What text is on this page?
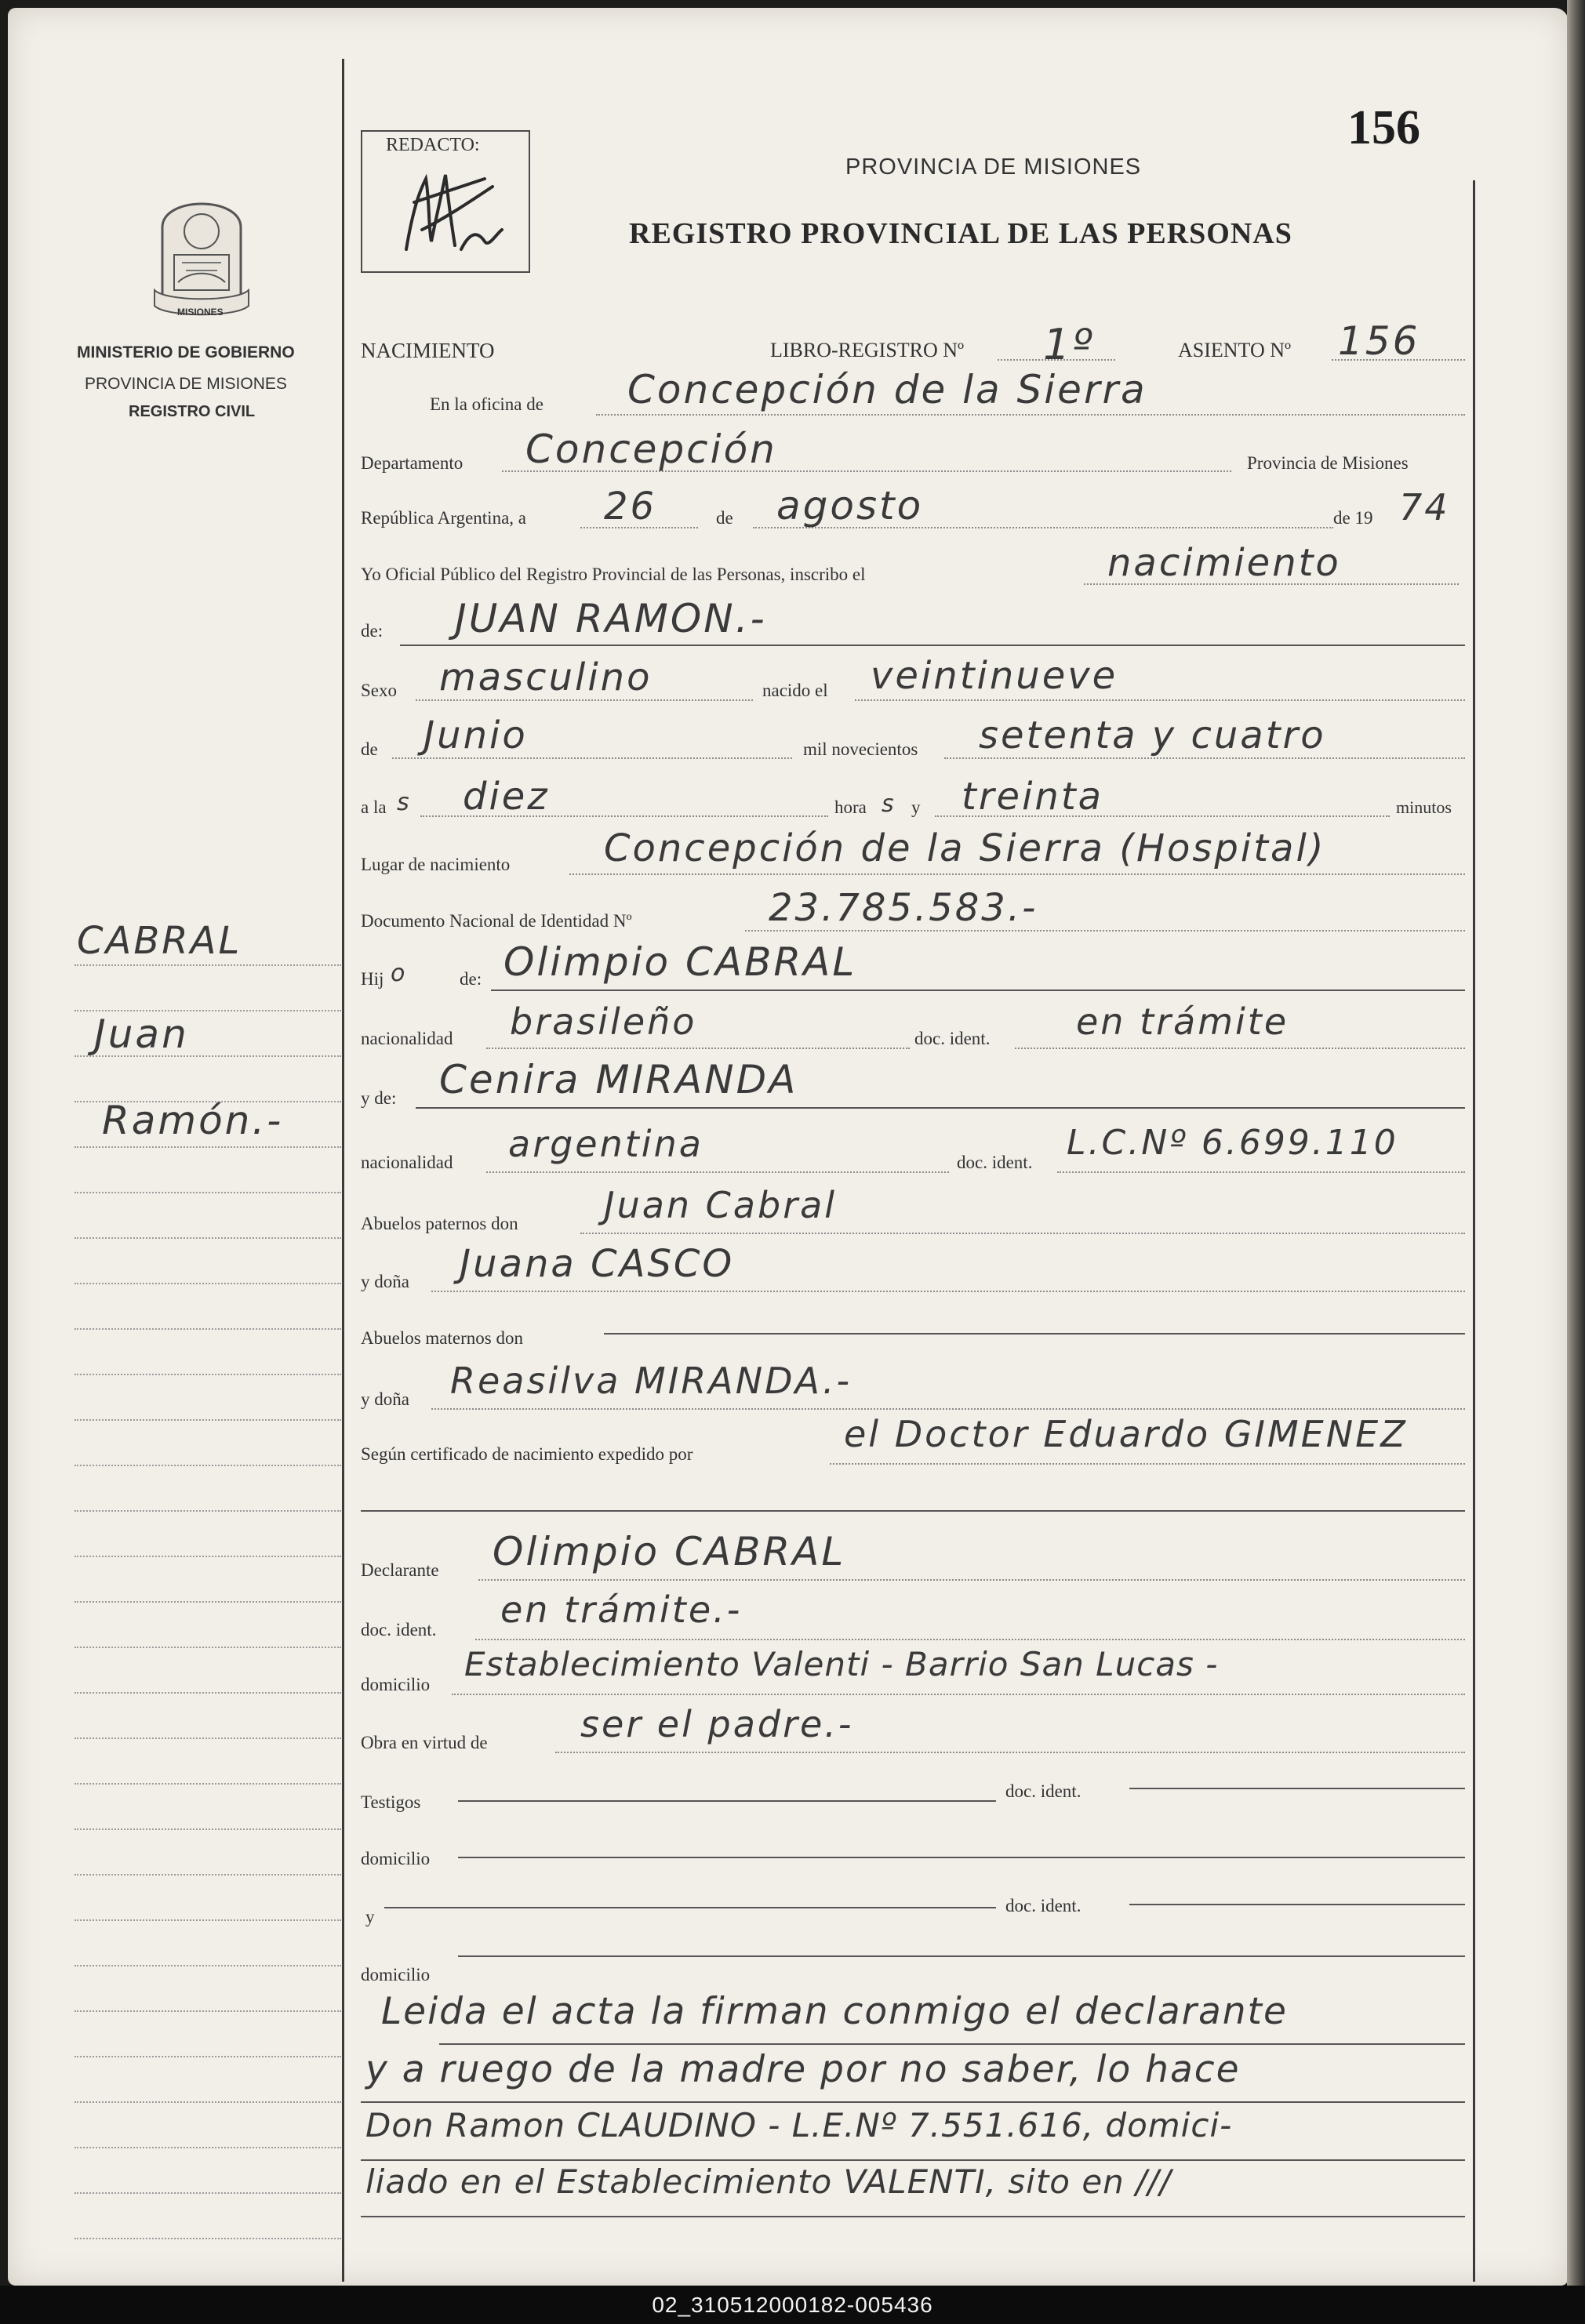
156
REDACTO:
PROVINCIA DE MISIONES
REGISTRO PROVINCIAL DE LAS PERSONAS
MISIONES
MINISTERIO DE GOBIERNO
PROVINCIA DE MISIONES
REGISTRO CIVIL
CABRAL
Juan
Ramón.-
NACIMIENTO	LIBRO-REGISTRO Nº 1º	ASIENTO Nº 156
En la oficina de Concepción de la Sierra
Departamento Concepción	Provincia de Misiones
República Argentina, a 26	de agosto	de 19 74
Yo Oficial Público del Registro Provincial de las Personas, inscribo el	nacimiento
de: JUAN RAMON.-
Sexo masculino	nacido el veintinueve
de Junio	mil novecientos setenta y cuatro
a la s diez	hora s y treinta	minutos
Lugar de nacimiento Concepción de la Sierra (Hospital)
Documento Nacional de Identidad Nº	23.785.583.-
Hij o	de: Olimpio CABRAL
nacionalidad brasileño	doc. ident. en trámite
y de: Cenira MIRANDA
nacionalidad argentina	doc. ident. L.C.Nº 6.699.110
Abuelos paternos don Juan Cabral
y doña Juana CASCO
Abuelos maternos don
y doña Reasilva MIRANDA.-
Según certificado de nacimiento expedido por	el Doctor Eduardo GIMENEZ
Declarante Olimpio CABRAL
doc. ident. en trámite.-
domicilio
Establecimiento Valenti - Barrio San Lucas -
Obra en virtud de	ser el padre.-
Testigos
doc. ident.
domicilio
y
doc. ident.
domicilio
Leida el acta la firman conmigo el declarante
y a ruego de la madre por no saber, lo hace
Don Ramon CLAUDINO - L.E.Nº 7.551.616, domici-
liado en el Establecimiento VALENTI, sito en ///
02_310512000182-005436
